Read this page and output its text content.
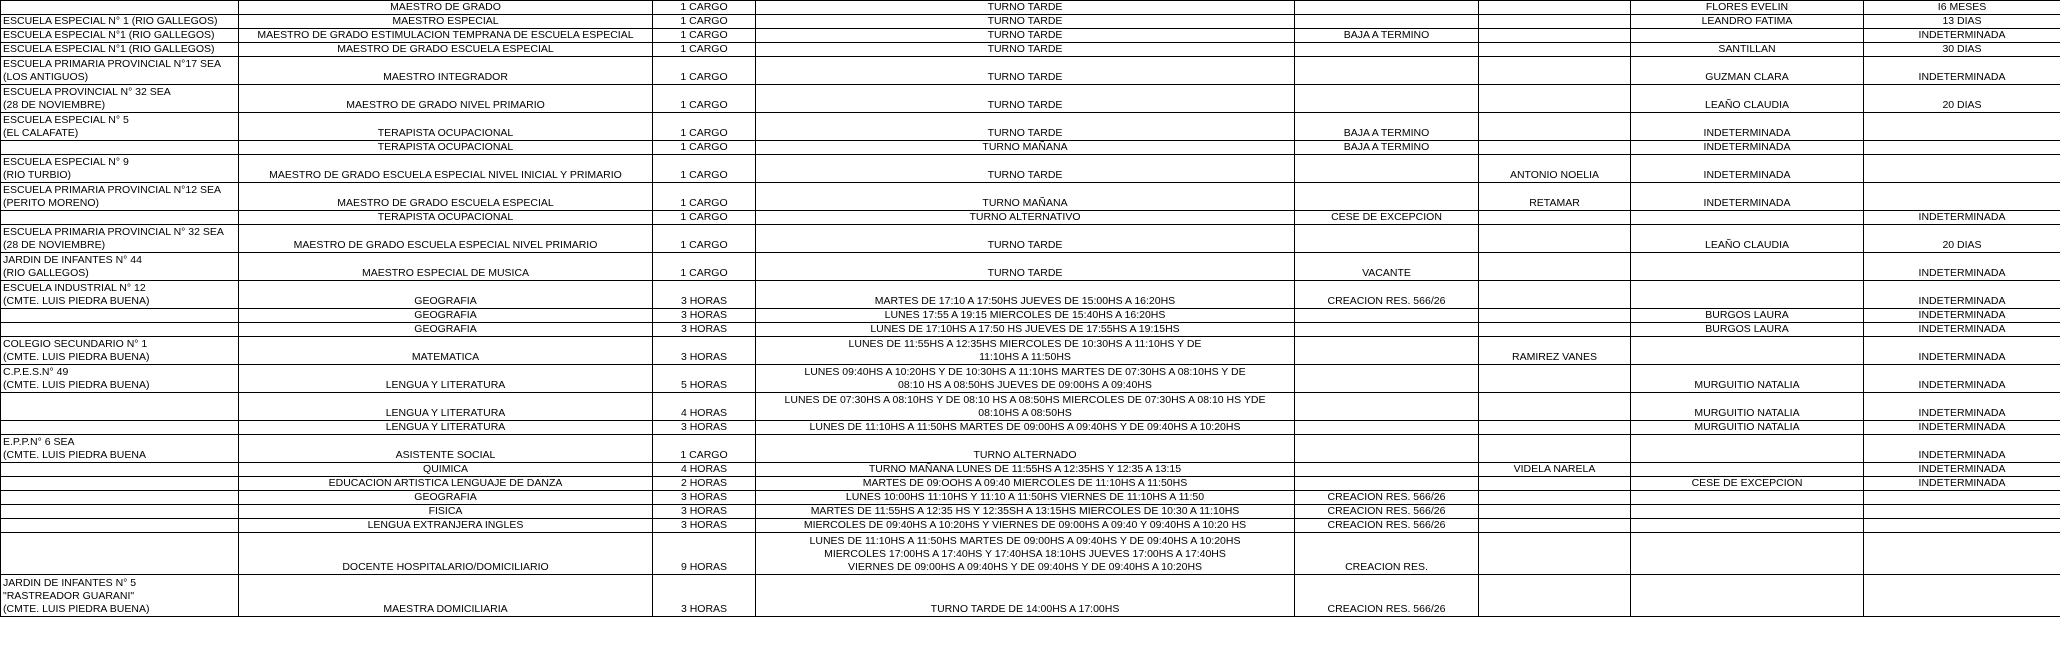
	MAESTRO DE GRADO	1 CARGO	TURNO TARDE			FLORES EVELIN	I6 MESES
ESCUELA ESPECIAL N° 1 (RIO GALLEGOS)	MAESTRO ESPECIAL	1 CARGO	TURNO TARDE			LEANDRO FATIMA	13 DIAS
ESCUELA ESPECIAL N°1 (RIO GALLEGOS)	MAESTRO DE GRADO ESTIMULACION TEMPRANA DE ESCUELA ESPECIAL	1 CARGO	TURNO TARDE	BAJA A TERMINO			INDETERMINADA
ESCUELA ESPECIAL N°1 (RIO GALLEGOS)	MAESTRO DE GRADO ESCUELA ESPECIAL	1 CARGO	TURNO TARDE			SANTILLAN	30 DIAS
ESCUELA PRIMARIA PROVINCIAL N°17 SEA
(LOS ANTIGUOS)	MAESTRO INTEGRADOR	1 CARGO	TURNO TARDE			GUZMAN CLARA	INDETERMINADA
ESCUELA PROVINCIAL N° 32 SEA
(28 DE NOVIEMBRE)	MAESTRO DE GRADO NIVEL PRIMARIO	1 CARGO	TURNO TARDE			LEAÑO CLAUDIA	20 DIAS
ESCUELA ESPECIAL N° 5
(EL CALAFATE)	TERAPISTA OCUPACIONAL	1 CARGO	TURNO TARDE	BAJA A TERMINO		INDETERMINADA	
	TERAPISTA OCUPACIONAL	1 CARGO	TURNO MAÑANA	BAJA A TERMINO		INDETERMINADA	
ESCUELA ESPECIAL N° 9
(RIO TURBIO)	MAESTRO DE GRADO ESCUELA ESPECIAL NIVEL INICIAL Y PRIMARIO	1 CARGO	TURNO TARDE		ANTONIO NOELIA	INDETERMINADA	
ESCUELA PRIMARIA PROVINCIAL N°12 SEA
(PERITO MORENO)	MAESTRO DE GRADO ESCUELA ESPECIAL	1 CARGO	TURNO MAÑANA		RETAMAR	INDETERMINADA	
	TERAPISTA OCUPACIONAL	1 CARGO	TURNO ALTERNATIVO	CESE DE EXCEPCION			INDETERMINADA
ESCUELA PRIMARIA PROVINCIAL N° 32 SEA
(28 DE NOVIEMBRE)	MAESTRO DE GRADO ESCUELA ESPECIAL NIVEL PRIMARIO	1 CARGO	TURNO TARDE			LEAÑO CLAUDIA	20 DIAS
JARDIN DE INFANTES N° 44
(RIO GALLEGOS)	MAESTRO ESPECIAL DE MUSICA	1 CARGO	TURNO TARDE	VACANTE			INDETERMINADA
ESCUELA INDUSTRIAL N° 12
(CMTE. LUIS PIEDRA BUENA)	GEOGRAFIA	3 HORAS	MARTES DE 17:10 A 17:50HS JUEVES DE 15:00HS A 16:20HS	CREACION RES. 566/26			INDETERMINADA
	GEOGRAFIA	3 HORAS	LUNES 17:55 A 19:15 MIERCOLES DE 15:40HS A 16:20HS			BURGOS LAURA	INDETERMINADA
	GEOGRAFIA	3 HORAS	LUNES DE 17:10HS A 17:50 HS JUEVES DE 17:55HS A 19:15HS			BURGOS LAURA	INDETERMINADA
COLEGIO SECUNDARIO N° 1
(CMTE. LUIS PIEDRA BUENA)	MATEMATICA	3 HORAS	LUNES DE 11:55HS A 12:35HS MIERCOLES DE 10:30HS A 11:10HS Y DE
11:10HS A 11:50HS		RAMIREZ VANES		INDETERMINADA
C.P.E.S.N° 49
(CMTE. LUIS PIEDRA BUENA)	LENGUA Y LITERATURA	5 HORAS	LUNES 09:40HS A 10:20HS Y DE 10:30HS A 11:10HS MARTES DE 07:30HS A 08:10HS Y DE
08:10 HS A 08:50HS JUEVES DE 09:00HS A 09:40HS			MURGUITIO NATALIA	INDETERMINADA
	LENGUA Y LITERATURA	4 HORAS	LUNES DE 07:30HS A 08:10HS Y DE 08:10 HS A 08:50HS MIERCOLES DE 07:30HS A 08:10 HS YDE
08:10HS A 08:50HS			MURGUITIO NATALIA	INDETERMINADA
	LENGUA Y LITERATURA	3 HORAS	LUNES DE 11:10HS A 11:50HS MARTES DE 09:00HS A 09:40HS Y DE 09:40HS A 10:20HS			MURGUITIO NATALIA	INDETERMINADA
E.P.P.N° 6 SEA
(CMTE. LUIS PIEDRA BUENA	ASISTENTE SOCIAL	1 CARGO	TURNO ALTERNADO				INDETERMINADA
	QUIMICA	4 HORAS	TURNO MAÑANA LUNES DE 11:55HS A 12:35HS Y 12:35 A 13:15		VIDELA NARELA		INDETERMINADA
	EDUCACION ARTISTICA LENGUAJE DE DANZA	2 HORAS	MARTES DE 09:OOHS A 09:40 MIERCOLES DE 11:10HS A 11:50HS			CESE DE EXCEPCION	INDETERMINADA
	GEOGRAFIA	3 HORAS	LUNES 10:00HS 11:10HS Y 11:10 A 11:50HS VIERNES DE 11:10HS A 11:50	CREACION RES. 566/26			
	FISICA	3 HORAS	MARTES DE 11:55HS A 12:35 HS Y 12:35SH A 13:15HS MIERCOLES DE 10:30 A 11:10HS	CREACION RES. 566/26			
	LENGUA EXTRANJERA INGLES	3 HORAS	MIERCOLES DE 09:40HS A 10:20HS Y VIERNES DE 09:00HS A 09:40 Y 09:40HS A 10:20 HS	CREACION RES. 566/26			
	DOCENTE HOSPITALARIO/DOMICILIARIO	9 HORAS	LUNES DE 11:10HS A 11:50HS MARTES DE 09:00HS A 09:40HS Y DE 09:40HS A 10:20HS
MIERCOLES 17:00HS A 17:40HS Y 17:40HSA 18:10HS JUEVES 17:00HS A 17:40HS
VIERNES DE 09:00HS A 09:40HS Y DE 09:40HS Y DE 09:40HS A 10:20HS	CREACION RES.			
JARDIN DE INFANTES N° 5
"RASTREADOR GUARANI"
(CMTE. LUIS PIEDRA BUENA)	MAESTRA DOMICILIARIA	3 HORAS	TURNO TARDE DE 14:00HS A 17:00HS	CREACION RES. 566/26			
